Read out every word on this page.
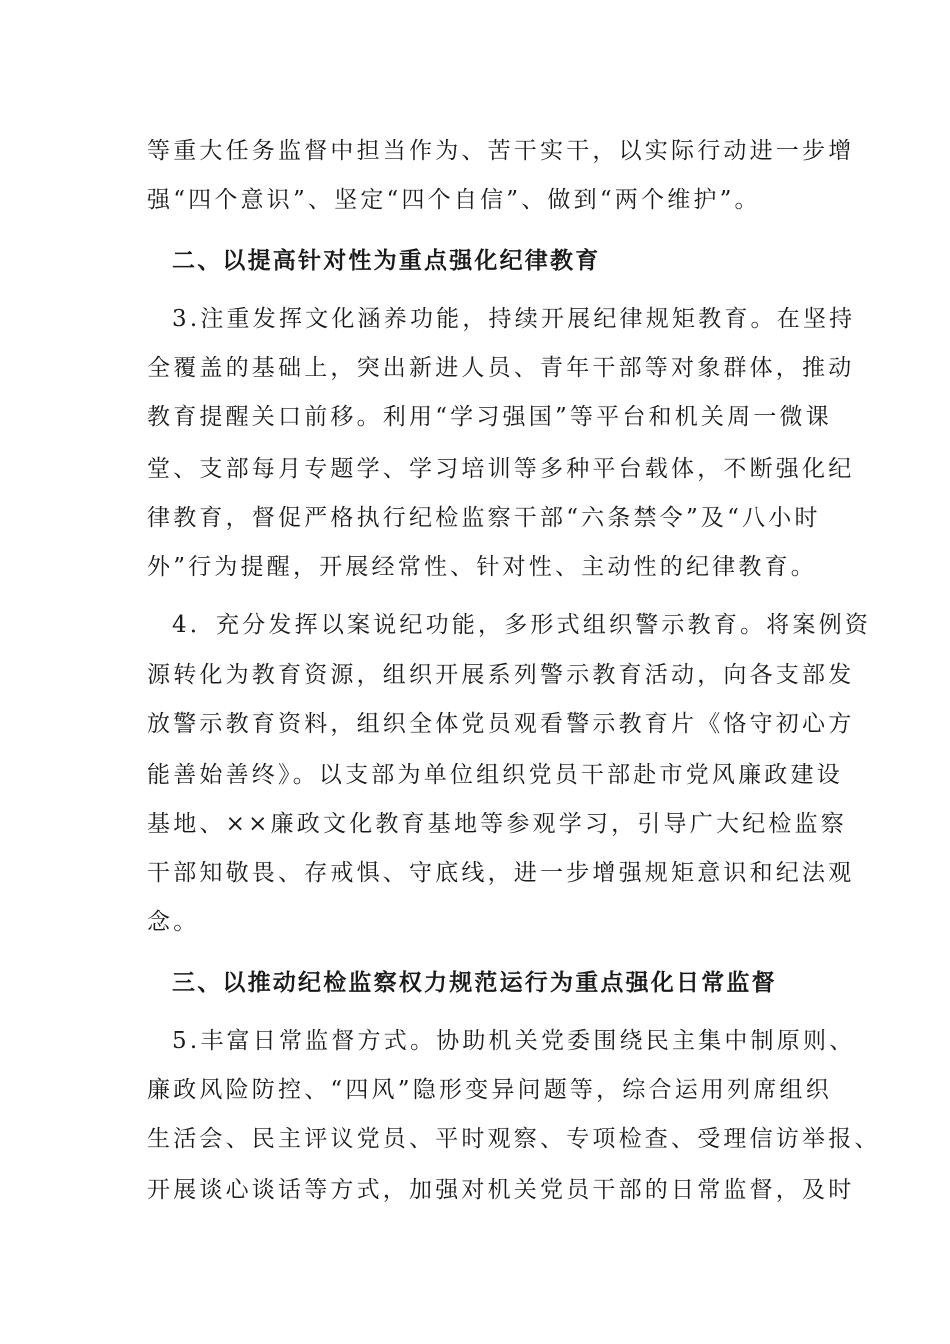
等重大任务监督中担当作为、苦干实干，以实际行动进一步增
强“四个意识”、坚定“四个自信”、做到“两个维护”。
二、以提高针对性为重点强化纪律教育
3.注重发挥文化涵养功能，持续开展纪律规矩教育。在坚持
全覆盖的基础上，突出新进人员、青年干部等对象群体，推动
教育提醒关口前移。利用“学习强国”等平台和机关周一微课
堂、支部每月专题学、学习培训等多种平台载体，不断强化纪
律教育，督促严格执行纪检监察干部“六条禁令”及“八小时
外”行为提醒，开展经常性、针对性、主动性的纪律教育。
4．充分发挥以案说纪功能，多形式组织警示教育。将案例资
源转化为教育资源，组织开展系列警示教育活动，向各支部发
放警示教育资料，组织全体党员观看警示教育片《恪守初心方
能善始善终》。以支部为单位组织党员干部赴市党风廉政建设
基地、××廉政文化教育基地等参观学习，引导广大纪检监察
干部知敬畏、存戒惧、守底线，进一步增强规矩意识和纪法观
念。
三、以推动纪检监察权力规范运行为重点强化日常监督
5.丰富日常监督方式。协助机关党委围绕民主集中制原则、
廉政风险防控、“四风”隐形变异问题等，综合运用列席组织
生活会、民主评议党员、平时观察、专项检查、受理信访举报、
开展谈心谈话等方式，加强对机关党员干部的日常监督，及时
